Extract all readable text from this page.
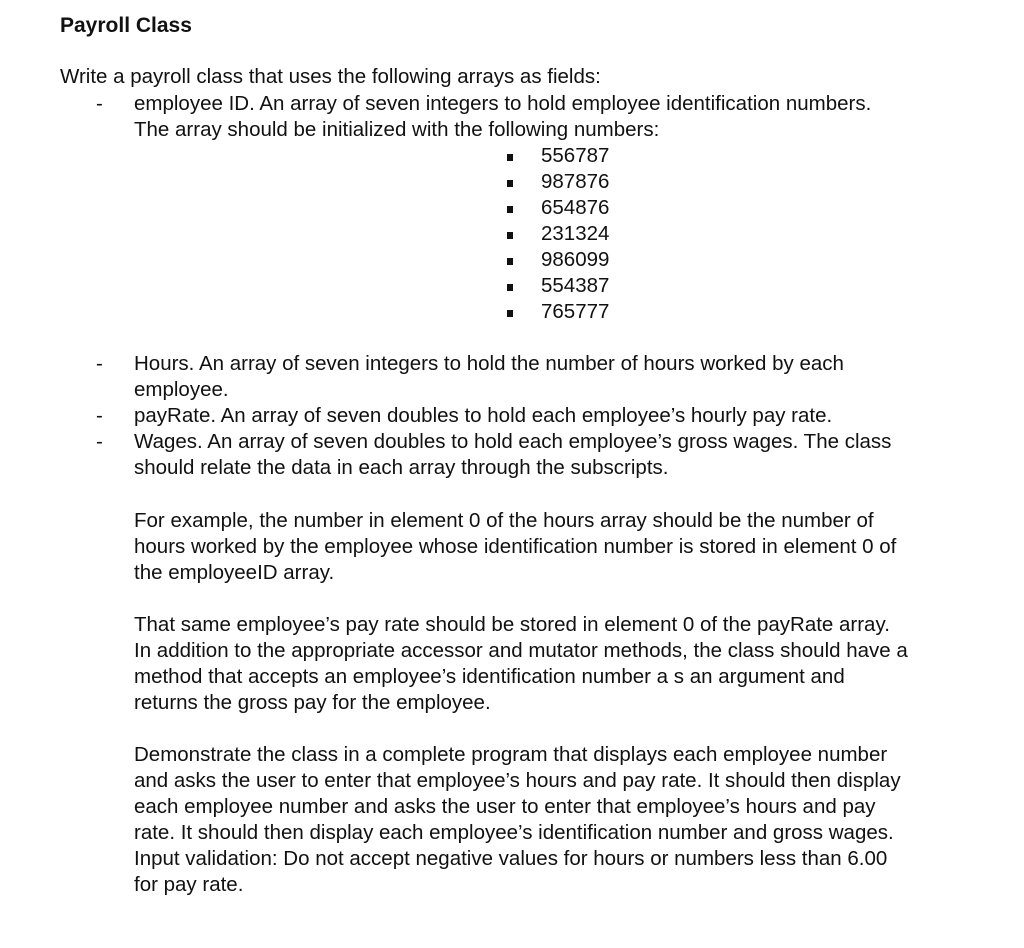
Payroll Class
Write a payroll class that uses the following arrays as fields:
- employee ID. An array of seven integers to hold employee identification numbers.
The array should be initialized with the following numbers:
556787
987876
654876
231324
986099
554387
765777
- Hours. An array of seven integers to hold the number of hours worked by each
employee.
- payRate. An array of seven doubles to hold each employee’s hourly pay rate.
- Wages. An array of seven doubles to hold each employee’s gross wages. The class
should relate the data in each array through the subscripts.
For example, the number in element 0 of the hours array should be the number of
hours worked by the employee whose identification number is stored in element 0 of
the employeeID array.
That same employee’s pay rate should be stored in element 0 of the payRate array.
In addition to the appropriate accessor and mutator methods, the class should have a
method that accepts an employee’s identification number a s an argument and
returns the gross pay for the employee.
Demonstrate the class in a complete program that displays each employee number
and asks the user to enter that employee’s hours and pay rate. It should then display
each employee number and asks the user to enter that employee’s hours and pay
rate. It should then display each employee’s identification number and gross wages.
Input validation: Do not accept negative values for hours or numbers less than 6.00
for pay rate.
